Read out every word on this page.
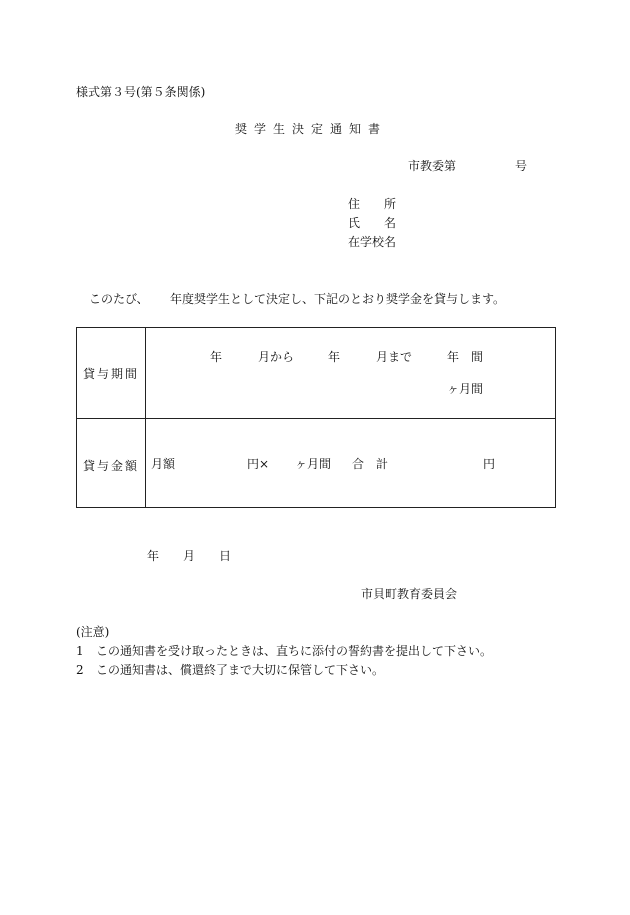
様式第３号(第５条関係)
奨学生決定通知書
市教委第	号
住　　所
氏　　名
在学校名
このたび、 年度奨学生として決定し、下記のとおり奨学金を貸与します。
貸与期間
年	月から	年	月まで	年　間
ヶ月間
貸与金額	月額	円× ヶ月間 合　計	円
年 月 日
市貝町教育委員会
(注意)
1 この通知書を受け取ったときは、直ちに添付の誓約書を提出して下さい。
2 この通知書は、償還終了まで大切に保管して下さい。
